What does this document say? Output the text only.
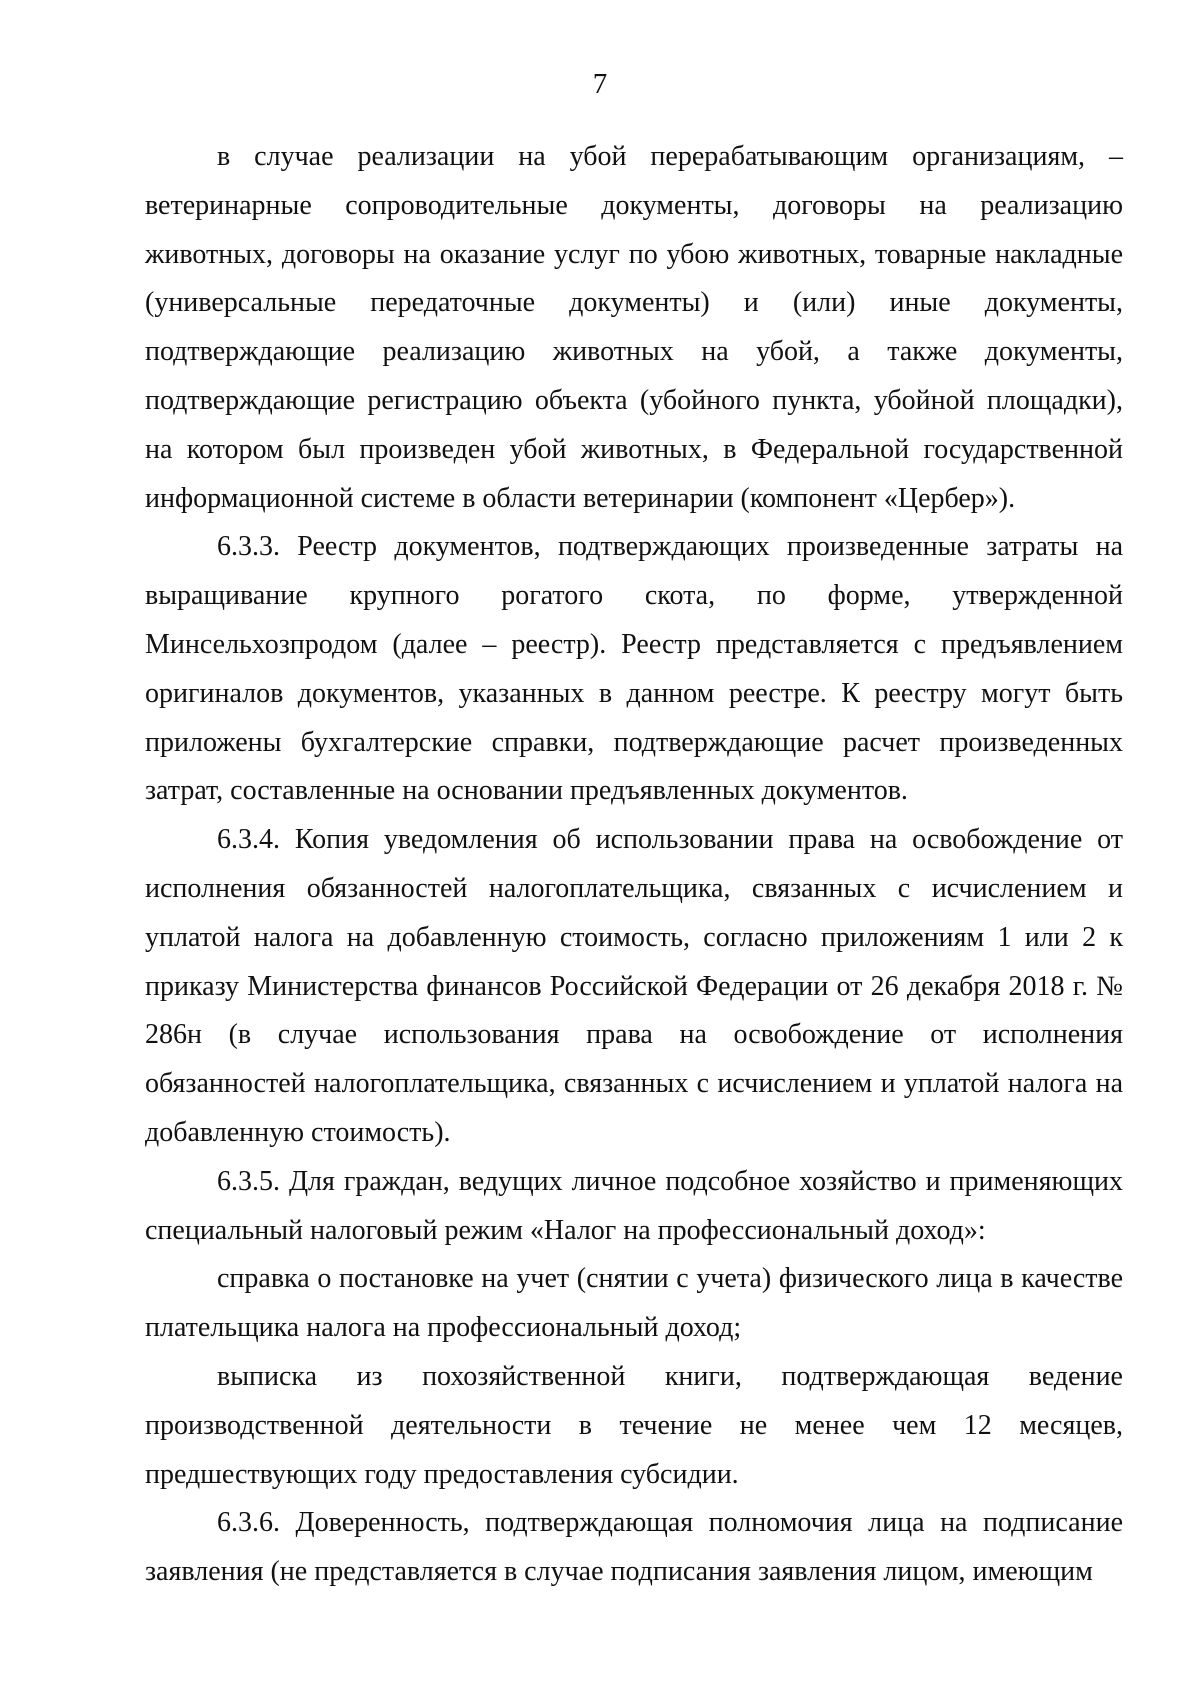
7

в случае реализации на убой перерабатывающим организациям, – ветеринарные сопроводительные документы, договоры на реализацию животных, договоры на оказание услуг по убою животных, товарные накладные (универсальные передаточные документы) и (или) иные документы, подтверждающие реализацию животных на убой, а также документы, подтверждающие регистрацию объекта (убойного пункта, убойной площадки), на котором был произведен убой животных, в Федеральной государственной информационной системе в области ветеринарии (компонент «Цербер»).

6.3.3. Реестр документов, подтверждающих произведенные затраты на выращивание крупного рогатого скота, по форме, утвержденной Минсельхозпродом (далее – реестр). Реестр представляется с предъявлением оригиналов документов, указанных в данном реестре. К реестру могут быть приложены бухгалтерские справки, подтверждающие расчет произведенных затрат, составленные на основании предъявленных документов.

6.3.4. Копия уведомления об использовании права на освобождение от исполнения обязанностей налогоплательщика, связанных с исчислением и уплатой налога на добавленную стоимость, согласно приложениям 1 или 2 к приказу Министерства финансов Российской Федерации от 26 декабря 2018 г. № 286н (в случае использования права на освобождение от исполнения обязанностей налогоплательщика, связанных с исчислением и уплатой налога на добавленную стоимость).

6.3.5. Для граждан, ведущих личное подсобное хозяйство и применяющих специальный налоговый режим «Налог на профессиональный доход»:

справка о постановке на учет (снятии с учета) физического лица в качестве плательщика налога на профессиональный доход;

выписка из похозяйственной книги, подтверждающая ведение производственной деятельности в течение не менее чем 12 месяцев, предшествующих году предоставления субсидии.

6.3.6. Доверенность, подтверждающая полномочия лица на подписание заявления (не представляется в случае подписания заявления лицом, имеющим
